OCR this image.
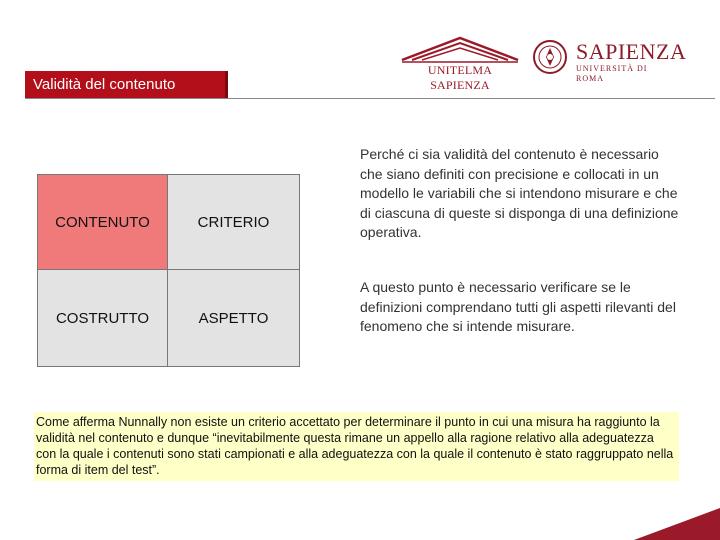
Validità del contenuto
UNITELMA SAPIENZA
SAPIENZA
UNIVERSITÀ DI ROMA
CONTENUTO	CRITERIO
COSTRUTTO	ASPETTO
Perché ci sia validità del contenuto è necessario che siano definiti con precisione e collocati in un modello le variabili che si intendono misurare e che di ciascuna di queste si disponga di una definizione operativa.
A questo punto è necessario verificare se le definizioni comprendano tutti gli aspetti rilevanti del fenomeno che si intende misurare.
Come afferma Nunnally non esiste un criterio accettato per determinare il punto in cui una misura ha raggiunto la validità nel contenuto e dunque “inevitabilmente questa rimane un appello alla ragione relativo alla adeguatezza con la quale i contenuti sono stati campionati e alla adeguatezza con la quale il contenuto è stato raggruppato nella forma di item del test”.
